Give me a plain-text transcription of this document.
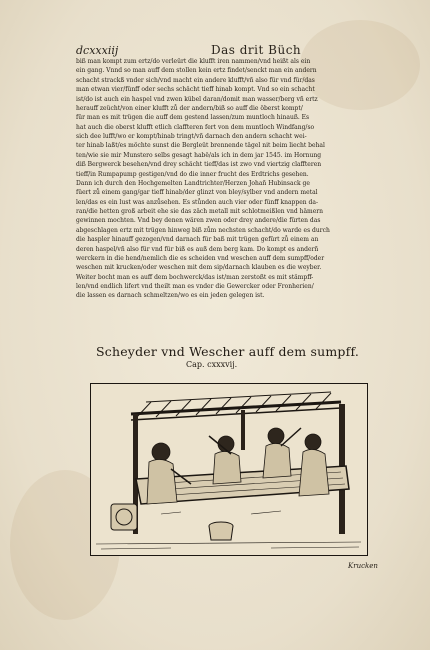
dcxxxiij	Das drit Büch
biß man kompt zum ertz/do verleürt die klufft iren nammen/vnd heißt als ein
ein gang. Vnnd so man auff dem stollen kein ertz findet/senckt man ein andern
schacht strackß vnder sich/vnd macht ein andere klufft/vñ also für vnd für/das
man etwan vier/fünff oder sechs schächt tieff hinab kompt. Vnd so ein schacht
ist/do ist auch ein haspel vnd zwen kübel daran/domit man wasser/berg vñ ertz
herauff zeücht/von einer klufft zů der andern/biß so auff die öberst kompt/
für man es mit trügen die auff dem gestend lassen/zum muntloch hinauß. Es
hat auch die oberst klufft etlich claffteren fert von dem muntloch Windfang/so
sich dee lufft/wo er kompt/hinab tringt/vñ darnach den andern schacht wei-
ter hinab laßt/es möchte sunst die Bergleüt brennende tägel nit beim liecht behal
ten/wie sie mir Munstero selbs gesagt habë/als ich in dem jar 1545. im Hornung
diß Bergwerck besehen/vnd drey schächt tieff/das ist zwo vnd viertzig claffteren
tieff/in Rumpapump gestigen/vnd do die inner frucht des Erdtrichs gesehen.
Dann ich durch den Hochgemelten Landtrichter/Herzen Johañ Hubinsack ge
füert zů einem gang/gar tieff hinab/der glinzt von bley/sylber vnd andern metal
len/das es ein lust was anzůsehen. Es stůnden auch vier oder fünff knappen da-
ran/die hetten groß arbeit ehe sie das zäch metall mit schlotmeißlen vnd hämern
gewinnen mochten. Vnd bey denen wären zwen oder drey andere/die fürten das
abgeschlagen ertz mit trügen hinweg biß zům nechsten schacht/do warde es durch
die haspler hinauff gezogen/vnd darnach für baß mit trügen gefürt zů einem an
deren haspel/vñ also für vnd für biß es auß dem berg kam. Do kompt es anderñ
werckern in die hend/nemlich die es scheiden vnd weschen auff dem sumpff/oder
weschen mit krucken/oder weschen mit dem sip/darnach klauben es die weyber.
Weiter bocht man es auff dem bochwerck/das ist/man zerstoßt es mit stämpff-
len/vnd endlich lifert vnd theilt man es vnder die Gewercker oder Fronherien/
die lassen es darnach schmeltzen/wo es ein jeden gelegen ist.
Scheyder vnd Wescher auff dem sumpff.
Cap. cxxxvij.
Krucken
